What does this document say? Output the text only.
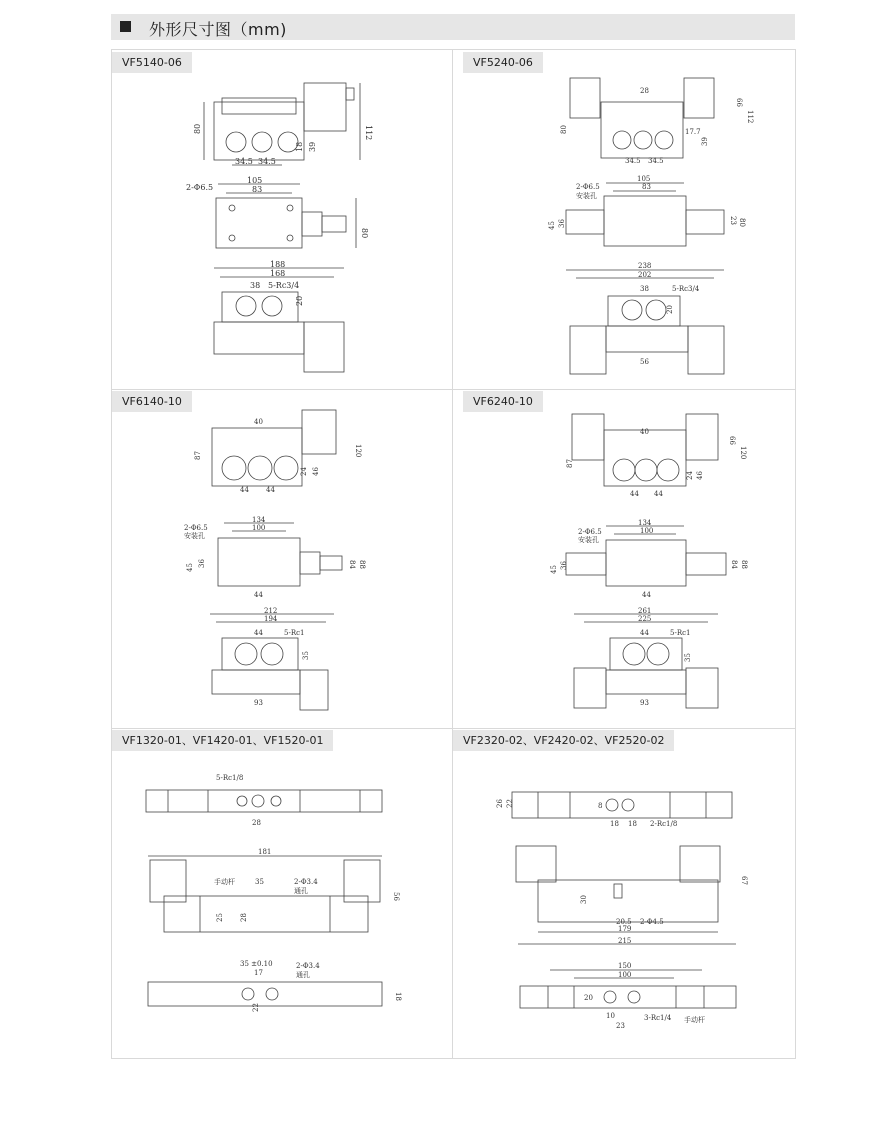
外形尺寸图（mm)
VF5140-06	VF5240-06
VF6140-10	VF6240-10
VF1320-01、VF1420-01、VF1520-01	VF2320-02、VF2420-02、VF2520-02
80	112
18 39
34.5 34.5
105
83
2-Φ6.5
80
188
168
38 5-Rc3/4
20
28
66
112
80	17.7
39
34.5 34.5
105
83
2-Φ6.5
安装孔
45 36	23 80
238
202
38	5-Rc3/4
20
56
40
87	120
44 44
24 46
134
100
2-Φ6.5
安装孔
45 36	84 88
44
212
194
44	5-Rc1
35
93
40
87
120
66
44 44
24 46
134
100
2-Φ6.5
安装孔
45 36	84 88
44
261
225
44	5-Rc1
35
93
5-Rc1/8
28
181
手动杆	35	2-Φ3.4
通孔
25 28
56
35 ±0.10
17
2-Φ3.4
通孔
18
22
26 22	8
18 18 2-Rc1/8
67
30
20.5 2-Φ4.5
179
215
150
100
20
10
23
3-Rc1/4 手动杆
